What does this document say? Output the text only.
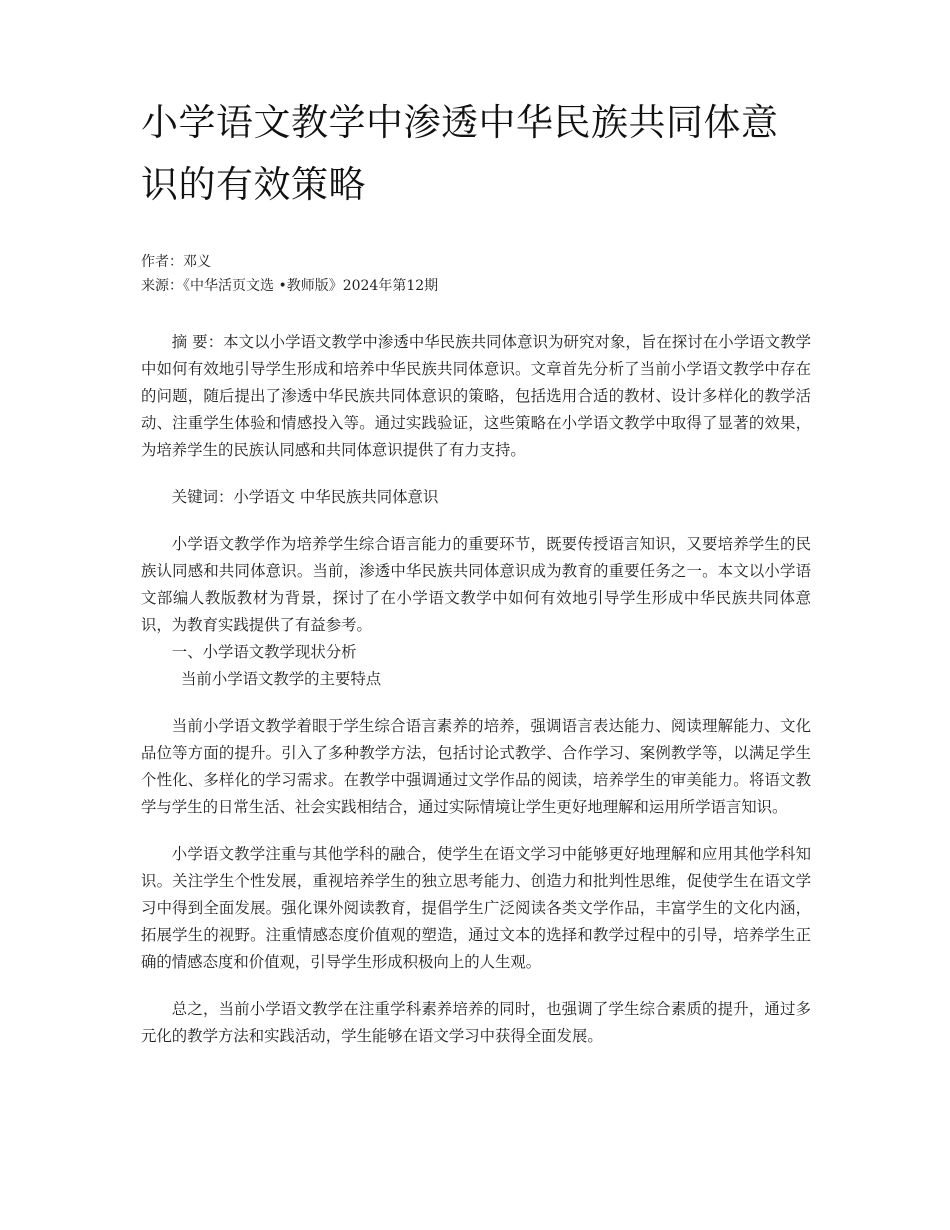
小学语文教学中渗透中华民族共同体意识的有效策略
作者：邓义
来源：《中华活页文选 •教师版》2024年第12期

摘 要：本文以小学语文教学中渗透中华民族共同体意识为研究对象，旨在探讨在小学语文教学中如何有效地引导学生形成和培养中华民族共同体意识。文章首先分析了当前小学语文教学中存在的问题，随后提出了渗透中华民族共同体意识的策略，包括选用合适的教材、设计多样化的教学活动、注重学生体验和情感投入等。通过实践验证，这些策略在小学语文教学中取得了显著的效果，为培养学生的民族认同感和共同体意识提供了有力支持。

关键词：小学语文 中华民族共同体意识

小学语文教学作为培养学生综合语言能力的重要环节，既要传授语言知识，又要培养学生的民族认同感和共同体意识。当前，渗透中华民族共同体意识成为教育的重要任务之一。本文以小学语文部编人教版教材为背景，探讨了在小学语文教学中如何有效地引导学生形成中华民族共同体意识，为教育实践提供了有益参考。

一、小学语文教学现状分析

当前小学语文教学的主要特点

当前小学语文教学着眼于学生综合语言素养的培养，强调语言表达能力、阅读理解能力、文化品位等方面的提升。引入了多种教学方法，包括讨论式教学、合作学习、案例教学等，以满足学生个性化、多样化的学习需求。在教学中强调通过文学作品的阅读，培养学生的审美能力。将语文教学与学生的日常生活、社会实践相结合，通过实际情境让学生更好地理解和运用所学语言知识。

小学语文教学注重与其他学科的融合，使学生在语文学习中能够更好地理解和应用其他学科知识。关注学生个性发展，重视培养学生的独立思考能力、创造力和批判性思维，促使学生在语文学习中得到全面发展。强化课外阅读教育，提倡学生广泛阅读各类文学作品，丰富学生的文化内涵，拓展学生的视野。注重情感态度价值观的塑造，通过文本的选择和教学过程中的引导，培养学生正确的情感态度和价值观，引导学生形成积极向上的人生观。

总之，当前小学语文教学在注重学科素养培养的同时，也强调了学生综合素质的提升，通过多元化的教学方法和实践活动，学生能够在语文学习中获得全面发展。
